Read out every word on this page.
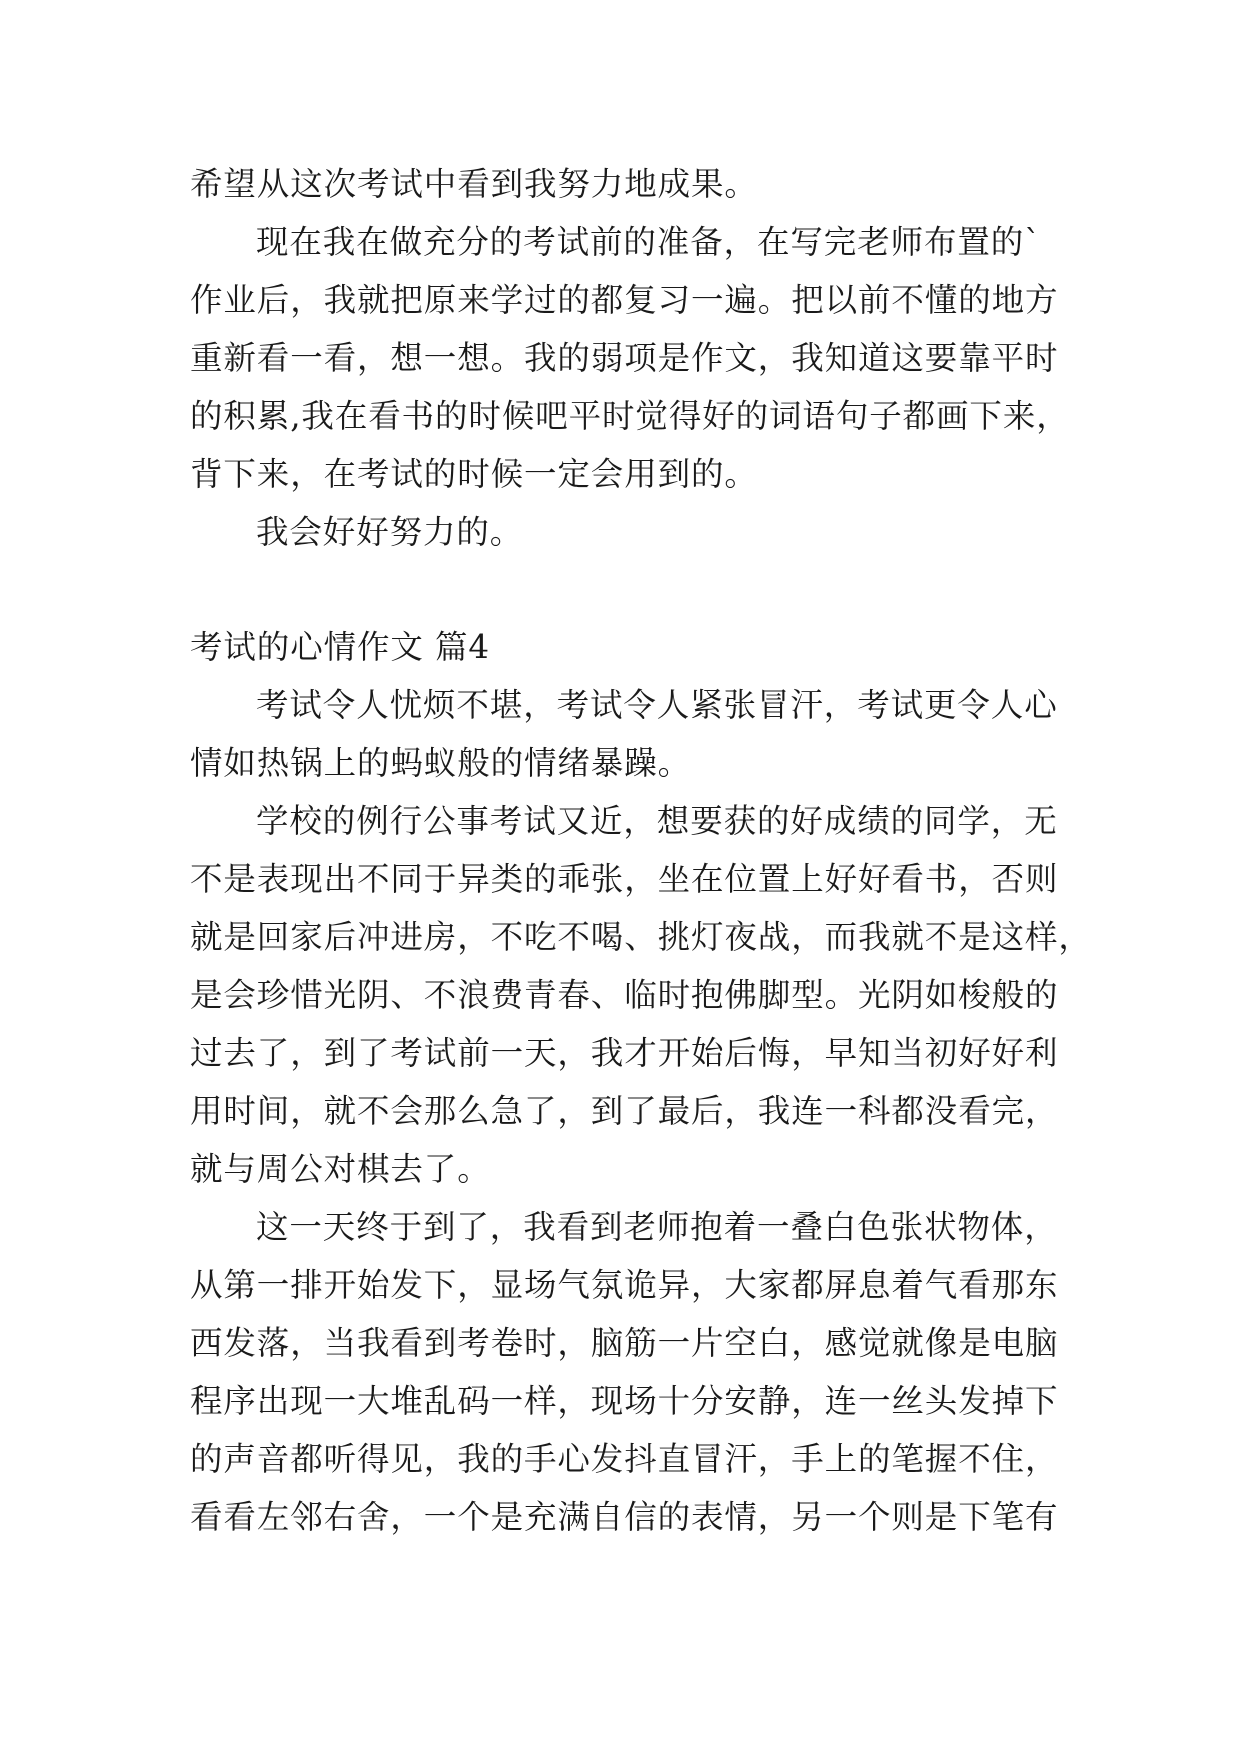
希望从这次考试中看到我努力地成果。
现在我在做充分的考试前的准备，在写完老师布置的`
作业后，我就把原来学过的都复习一遍。把以前不懂的地方
重新看一看，想一想。我的弱项是作文，我知道这要靠平时
的积累,我在看书的时候吧平时觉得好的词语句子都画下来，
背下来，在考试的时候一定会用到的。
我会好好努力的。
考试的心情作文 篇4
考试令人忧烦不堪，考试令人紧张冒汗，考试更令人心
情如热锅上的蚂蚁般的情绪暴躁。
学校的例行公事考试又近，想要获的好成绩的同学，无
不是表现出不同于异类的乖张，坐在位置上好好看书，否则
就是回家后冲进房，不吃不喝、挑灯夜战，而我就不是这样，
是会珍惜光阴、不浪费青春、临时抱佛脚型。光阴如梭般的
过去了，到了考试前一天，我才开始后悔，早知当初好好利
用时间，就不会那么急了，到了最后，我连一科都没看完，
就与周公对棋去了。
这一天终于到了，我看到老师抱着一叠白色张状物体，
从第一排开始发下，显场气氛诡异，大家都屏息着气看那东
西发落，当我看到考卷时，脑筋一片空白，感觉就像是电脑
程序出现一大堆乱码一样，现场十分安静，连一丝头发掉下
的声音都听得见，我的手心发抖直冒汗，手上的笔握不住，
看看左邻右舍，一个是充满自信的表情，另一个则是下笔有
